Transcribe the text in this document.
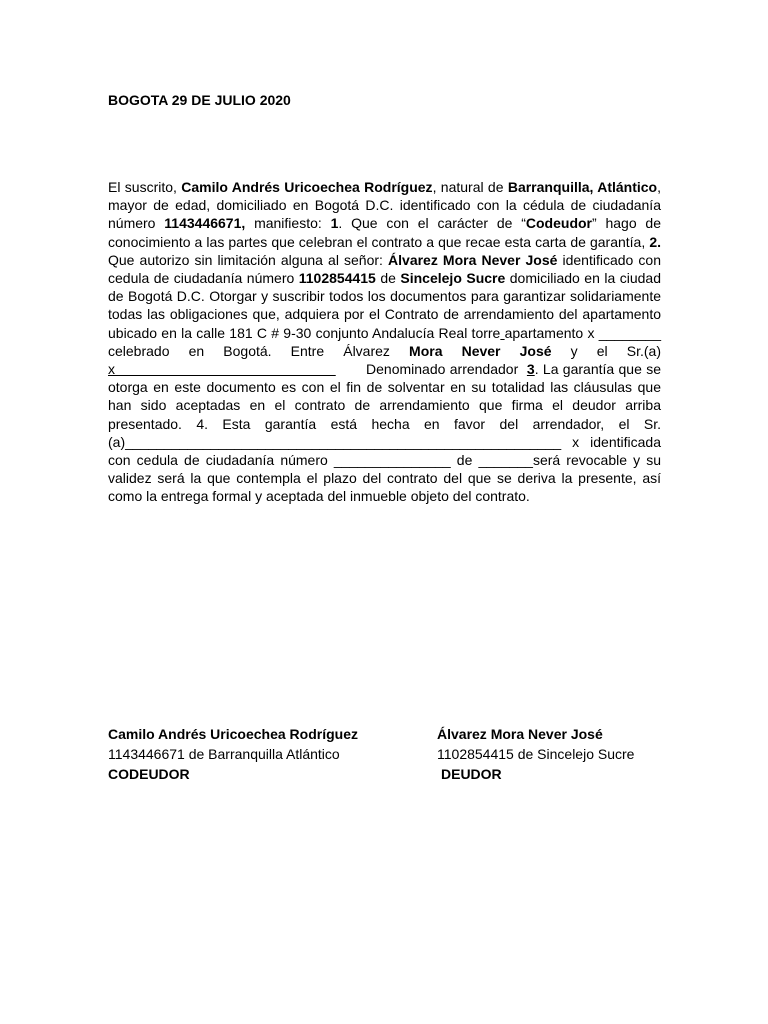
BOGOTA 29 DE JULIO 2020

El suscrito, Camilo Andrés Uricoechea Rodríguez, natural de Barranquilla, Atlántico, mayor de edad, domiciliado en Bogotá D.C. identificado con la cédula de ciudadanía número 1143446671, manifiesto: 1. Que con el carácter de “Codeudor” hago de conocimiento a las partes que celebran el contrato a que recae esta carta de garantía, 2. Que autorizo sin limitación alguna al señor: Álvarez Mora Never José identificado con cedula de ciudadanía número 1102854415 de Sincelejo Sucre domiciliado en la ciudad de Bogotá D.C. Otorgar y suscribir todos los documentos para garantizar solidariamente todas las obligaciones que, adquiera por el Contrato de arrendamiento del apartamento ubicado en la calle 181 C # 9-30 conjunto Andalucía Real torre apartamento x ________ celebrado en Bogotá. Entre Álvarez Mora Never José y el Sr.(a) x                                                          Denominado arrendador  3. La garantía que se otorga en este documento es con el fin de solventar en su totalidad las cláusulas que han sido aceptadas en el contrato de arrendamiento que firma el deudor arriba presentado. 4. Esta garantía está hecha en favor del arrendador, el Sr.(a)________________________________________________________ x identificada con cedula de ciudadanía número _______________ de _______será revocable y su validez será la que contempla el plazo del contrato del que se deriva la presente, así como la entrega formal y aceptada del inmueble objeto del contrato.

Camilo Andrés Uricoechea Rodríguez
1143446671 de Barranquilla Atlántico
CODEUDOR
Álvarez Mora Never José
1102854415 de Sincelejo Sucre
DEUDOR
